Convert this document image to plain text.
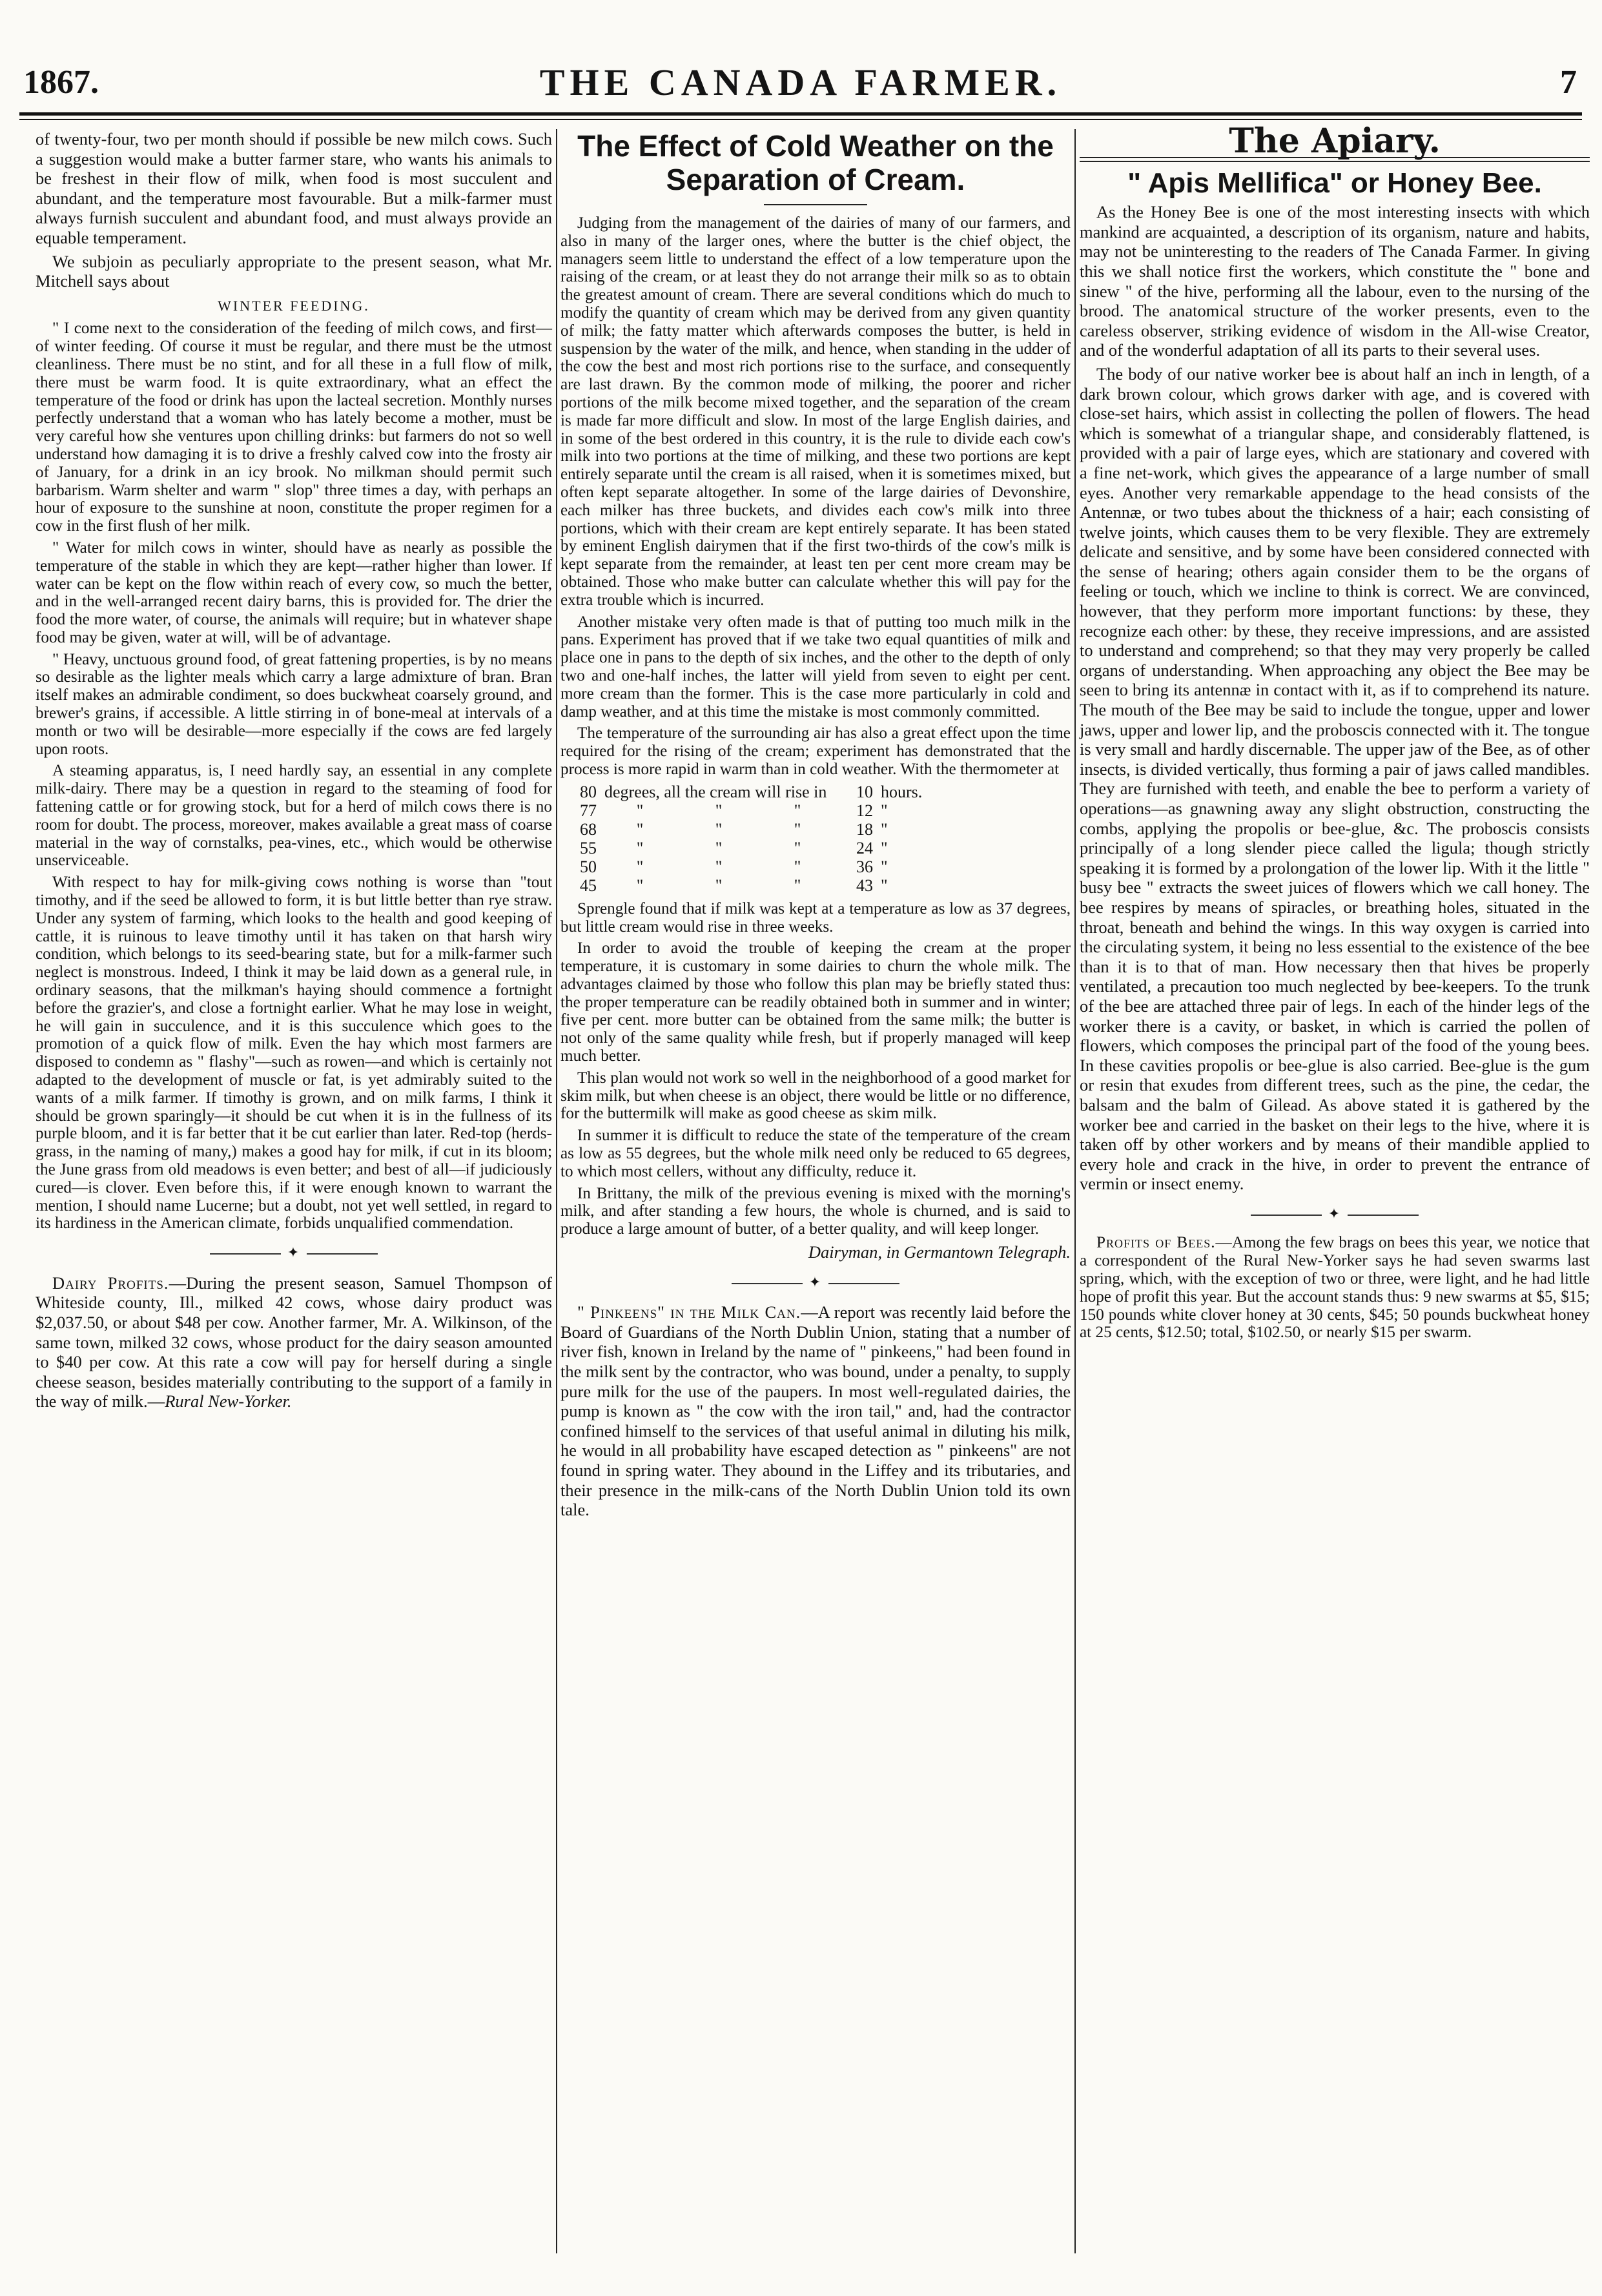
1867.	THE CANADA FARMER.	7

of twenty-four, two per month should if possible be new milch cows. Such a suggestion would make a butter farmer stare, who wants his animals to be freshest in their flow of milk, when food is most succulent and abundant, and the temperature most favourable. But a milk-farmer must always furnish succulent and abundant food, and must always provide an equable temperament.

We subjoin as peculiarly appropriate to the present season, what Mr. Mitchell says about

WINTER FEEDING.

" I come next to the consideration of the feeding of milch cows, and first—of winter feeding. Of course it must be regular, and there must be the utmost cleanliness. There must be no stint, and for all these in a full flow of milk, there must be warm food. It is quite extraordinary, what an effect the temperature of the food or drink has upon the lacteal secretion. Monthly nurses perfectly understand that a woman who has lately become a mother, must be very careful how she ventures upon chilling drinks: but farmers do not so well understand how damaging it is to drive a freshly calved cow into the frosty air of January, for a drink in an icy brook. No milkman should permit such barbarism. Warm shelter and warm " slop" three times a day, with perhaps an hour of exposure to the sunshine at noon, constitute the proper regimen for a cow in the first flush of her milk.

" Water for milch cows in winter, should have as nearly as possible the temperature of the stable in which they are kept—rather higher than lower. If water can be kept on the flow within reach of every cow, so much the better, and in the well-arranged recent dairy barns, this is provided for. The drier the food the more water, of course, the animals will require; but in whatever shape food may be given, water at will, will be of advantage.

" Heavy, unctuous ground food, of great fattening properties, is by no means so desirable as the lighter meals which carry a large admixture of bran. Bran itself makes an admirable condiment, so does buckwheat coarsely ground, and brewer's grains, if accessible. A little stirring in of bone-meal at intervals of a month or two will be desirable—more especially if the cows are fed largely upon roots.

A steaming apparatus, is, I need hardly say, an essential in any complete milk-dairy. There may be a question in regard to the steaming of food for fattening cattle or for growing stock, but for a herd of milch cows there is no room for doubt. The process, moreover, makes available a great mass of coarse material in the way of cornstalks, pea-vines, etc., which would be otherwise unserviceable.

With respect to hay for milk-giving cows nothing is worse than "tout timothy, and if the seed be allowed to form, it is but little better than rye straw. Under any system of farming, which looks to the health and good keeping of cattle, it is ruinous to leave timothy until it has taken on that harsh wiry condition, which belongs to its seed-bearing state, but for a milk-farmer such neglect is monstrous. Indeed, I think it may be laid down as a general rule, in ordinary seasons, that the milkman's haying should commence a fortnight before the grazier's, and close a fortnight earlier. What he may lose in weight, he will gain in succulence, and it is this succulence which goes to the promotion of a quick flow of milk. Even the hay which most farmers are disposed to condemn as " flashy"—such as rowen—and which is certainly not adapted to the development of muscle or fat, is yet admirably suited to the wants of a milk farmer. If timothy is grown, and on milk farms, I think it should be grown sparingly—it should be cut when it is in the fullness of its purple bloom, and it is far better that it be cut earlier than later. Red-top (herds-grass, in the naming of many,) makes a good hay for milk, if cut in its bloom; the June grass from old meadows is even better; and best of all—if judiciously cured—is clover. Even before this, if it were enough known to warrant the mention, I should name Lucerne; but a doubt, not yet well settled, in regard to its hardiness in the American climate, forbids unqualified commendation.

✦

Dairy Profits.—During the present season, Samuel Thompson of Whiteside county, Ill., milked 42 cows, whose dairy product was $2,037.50, or about $48 per cow. Another farmer, Mr. A. Wilkinson, of the same town, milked 32 cows, whose product for the dairy season amounted to $40 per cow. At this rate a cow will pay for herself during a single cheese season, besides materially contributing to the support of a family in the way of milk.—Rural New-Yorker.

The Effect of Cold Weather on the Separation of Cream.

Judging from the management of the dairies of many of our farmers, and also in many of the larger ones, where the butter is the chief object, the managers seem little to understand the effect of a low temperature upon the raising of the cream, or at least they do not arrange their milk so as to obtain the greatest amount of cream. There are several conditions which do much to modify the quantity of cream which may be derived from any given quantity of milk; the fatty matter which afterwards composes the butter, is held in suspension by the water of the milk, and hence, when standing in the udder of the cow the best and most rich portions rise to the surface, and consequently are last drawn. By the common mode of milking, the poorer and richer portions of the milk become mixed together, and the separation of the cream is made far more difficult and slow. In most of the large English dairies, and in some of the best ordered in this country, it is the rule to divide each cow's milk into two portions at the time of milking, and these two portions are kept entirely separate until the cream is all raised, when it is sometimes mixed, but often kept separate altogether. In some of the large dairies of Devonshire, each milker has three buckets, and divides each cow's milk into three portions, which with their cream are kept entirely separate. It has been stated by eminent English dairymen that if the first two-thirds of the cow's milk is kept separate from the remainder, at least ten per cent more cream may be obtained. Those who make butter can calculate whether this will pay for the extra trouble which is incurred.

Another mistake very often made is that of putting too much milk in the pans. Experiment has proved that if we take two equal quantities of milk and place one in pans to the depth of six inches, and the other to the depth of only two and one-half inches, the latter will yield from seven to eight per cent. more cream than the former. This is the case more particularly in cold and damp weather, and at this time the mistake is most commonly committed.

The temperature of the surrounding air has also a great effect upon the time required for the rising of the cream; experiment has demonstrated that the process is more rapid in warm than in cold weather. With the thermometer at

80	degrees, all the cream will rise in			10	hours.
77	"	"	"	12	"
68	"	"	"	18	"
55	"	"	"	24	"
50	"	"	"	36	"
45	"	"	"	43	"

Sprengle found that if milk was kept at a temperature as low as 37 degrees, but little cream would rise in three weeks.

In order to avoid the trouble of keeping the cream at the proper temperature, it is customary in some dairies to churn the whole milk. The advantages claimed by those who follow this plan may be briefly stated thus: the proper temperature can be readily obtained both in summer and in winter; five per cent. more butter can be obtained from the same milk; the butter is not only of the same quality while fresh, but if properly managed will keep much better.

This plan would not work so well in the neighborhood of a good market for skim milk, but when cheese is an object, there would be little or no difference, for the buttermilk will make as good cheese as skim milk.

In summer it is difficult to reduce the state of the temperature of the cream as low as 55 degrees, but the whole milk need only be reduced to 65 degrees, to which most cellers, without any difficulty, reduce it.

In Brittany, the milk of the previous evening is mixed with the morning's milk, and after standing a few hours, the whole is churned, and is said to produce a large amount of butter, of a better quality, and will keep longer.

Dairyman, in Germantown Telegraph.
✦

" Pinkeens" in the Milk Can.—A report was recently laid before the Board of Guardians of the North Dublin Union, stating that a number of river fish, known in Ireland by the name of " pinkeens," had been found in the milk sent by the contractor, who was bound, under a penalty, to supply pure milk for the use of the paupers. In most well-regulated dairies, the pump is known as " the cow with the iron tail," and, had the contractor confined himself to the services of that useful animal in diluting his milk, he would in all probability have escaped detection as " pinkeens" are not found in spring water. They abound in the Liffey and its tributaries, and their presence in the milk-cans of the North Dublin Union told its own tale.

The Apiary.
" Apis Mellifica" or Honey Bee.

As the Honey Bee is one of the most interesting insects with which mankind are acquainted, a description of its organism, nature and habits, may not be uninteresting to the readers of The Canada Farmer. In giving this we shall notice first the workers, which constitute the " bone and sinew " of the hive, performing all the labour, even to the nursing of the brood. The anatomical structure of the worker presents, even to the careless observer, striking evidence of wisdom in the All-wise Creator, and of the wonderful adaptation of all its parts to their several uses.

The body of our native worker bee is about half an inch in length, of a dark brown colour, which grows darker with age, and is covered with close-set hairs, which assist in collecting the pollen of flowers. The head which is somewhat of a triangular shape, and considerably flattened, is provided with a pair of large eyes, which are stationary and covered with a fine net-work, which gives the appearance of a large number of small eyes. Another very remarkable appendage to the head consists of the Antennæ, or two tubes about the thickness of a hair; each consisting of twelve joints, which causes them to be very flexible. They are extremely delicate and sensitive, and by some have been considered connected with the sense of hearing; others again consider them to be the organs of feeling or touch, which we incline to think is correct. We are convinced, however, that they perform more important functions: by these, they recognize each other: by these, they receive impressions, and are assisted to understand and comprehend; so that they may very properly be called organs of understanding. When approaching any object the Bee may be seen to bring its antennæ in contact with it, as if to comprehend its nature. The mouth of the Bee may be said to include the tongue, upper and lower jaws, upper and lower lip, and the proboscis connected with it. The tongue is very small and hardly discernable. The upper jaw of the Bee, as of other insects, is divided vertically, thus forming a pair of jaws called mandibles. They are furnished with teeth, and enable the bee to perform a variety of operations—as gnawning away any slight obstruction, constructing the combs, applying the propolis or bee-glue, &c. The proboscis consists principally of a long slender piece called the ligula; though strictly speaking it is formed by a prolongation of the lower lip. With it the little " busy bee " extracts the sweet juices of flowers which we call honey. The bee respires by means of spiracles, or breathing holes, situated in the throat, beneath and behind the wings. In this way oxygen is carried into the circulating system, it being no less essential to the existence of the bee than it is to that of man. How necessary then that hives be properly ventilated, a precaution too much neglected by bee-keepers. To the trunk of the bee are attached three pair of legs. In each of the hinder legs of the worker there is a cavity, or basket, in which is carried the pollen of flowers, which composes the principal part of the food of the young bees. In these cavities propolis or bee-glue is also carried. Bee-glue is the gum or resin that exudes from different trees, such as the pine, the cedar, the balsam and the balm of Gilead. As above stated it is gathered by the worker bee and carried in the basket on their legs to the hive, where it is taken off by other workers and by means of their mandible applied to every hole and crack in the hive, in order to prevent the entrance of vermin or insect enemy.

✦

Profits of Bees.—Among the few brags on bees this year, we notice that a correspondent of the Rural New-Yorker says he had seven swarms last spring, which, with the exception of two or three, were light, and he had little hope of profit this year. But the account stands thus: 9 new swarms at $5, $15; 150 pounds white clover honey at 30 cents, $45; 50 pounds buckwheat honey at 25 cents, $12.50; total, $102.50, or nearly $15 per swarm.
